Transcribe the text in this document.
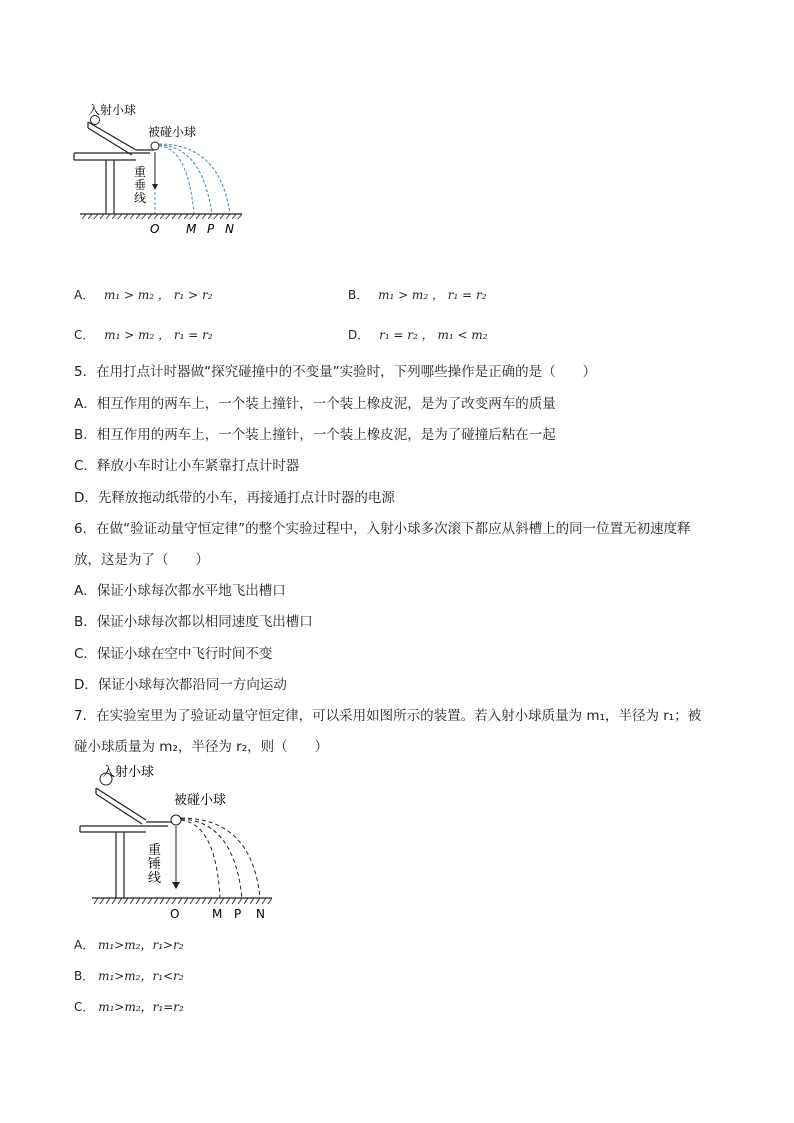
入射小球
被碰小球
重
垂
线
O M P N
A． m₁ > m₂ ， r₁ > r₂	B． m₁ > m₂ ， r₁ = r₂
C． m₁ > m₂ ， r₁ = r₂	D． r₁ = r₂ ， m₁ < m₂
5．在用打点计时器做“探究碰撞中的不变量”实验时，下列哪些操作是正确的是（　　）
A．相互作用的两车上，一个装上撞针，一个装上橡皮泥，是为了改变两车的质量
B．相互作用的两车上，一个装上撞针，一个装上橡皮泥，是为了碰撞后粘在一起
C．释放小车时让小车紧靠打点计时器
D．先释放拖动纸带的小车，再接通打点计时器的电源
6．在做“验证动量守恒定律”的整个实验过程中，入射小球多次滚下都应从斜槽上的同一位置无初速度释
放，这是为了（　　）
A．保证小球每次都水平地飞出槽口
B．保证小球每次都以相同速度飞出槽口
C．保证小球在空中飞行时间不变
D．保证小球每次都沿同一方向运动
7．在实验室里为了验证动量守恒定律，可以采用如图所示的装置。若入射小球质量为 m₁，半径为 r₁；被
碰小球质量为 m₂，半径为 r₂，则（　　）
入射小球
被碰小球
重
锤
线
O	M P N
A． m₁>m₂，r₁>r₂
B． m₁>m₂，r₁<r₂
C． m₁>m₂，r₁=r₂
